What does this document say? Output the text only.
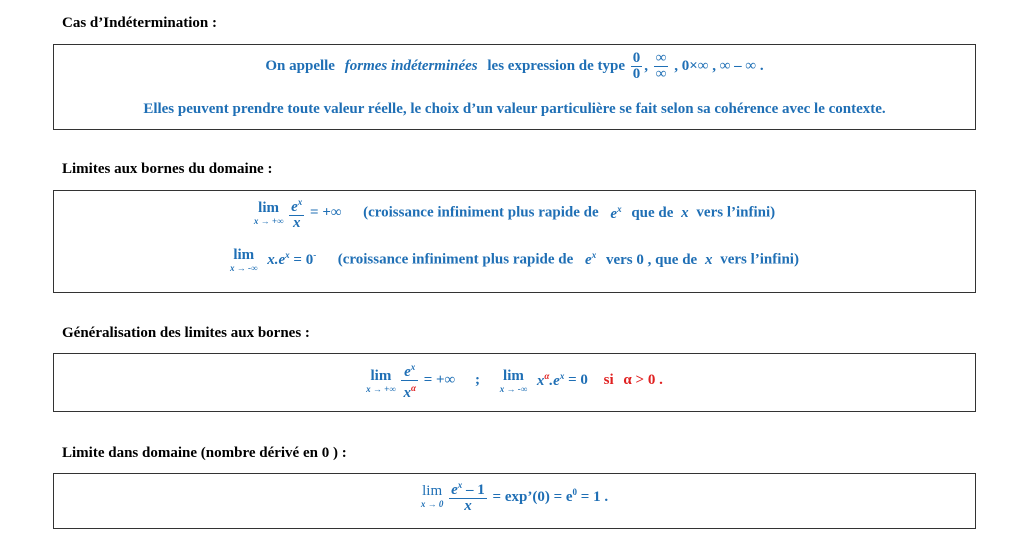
Cas d’Indétermination :
On appelle formes indéterminées les expression de type $\frac{0}{0}$ , $\frac{\infty}{\infty}$ , 0×∞ , ∞ – ∞ .
Elles peuvent prendre toute valeur réelle, le choix d’un valeur particulière se fait selon sa cohérence avec le contexte.
Limites aux bornes du domaine :
lim
x → +∞
$\frac{e^x}{x}$ = +∞ (croissance infiniment plus rapide de $e^x$ que de x vers l’infini)
lim
x → -∞ $x.e^x = 0^-$ (croissance infiniment plus rapide de $e^x$ vers 0 , que de x vers l’infini)
Généralisation des limites aux bornes :
lim
x → +∞
$\frac{e^x}{x^\alpha}$ = +∞ ; lim
x → -∞ $x^\alpha.e^x = 0$ si α > 0 .
Limite dans domaine (nombre dérivé en 0 ) :
lim
x → 0
$\frac{e^x - 1}{x}$ = exp’(0) = $e^0 = 1$ .
